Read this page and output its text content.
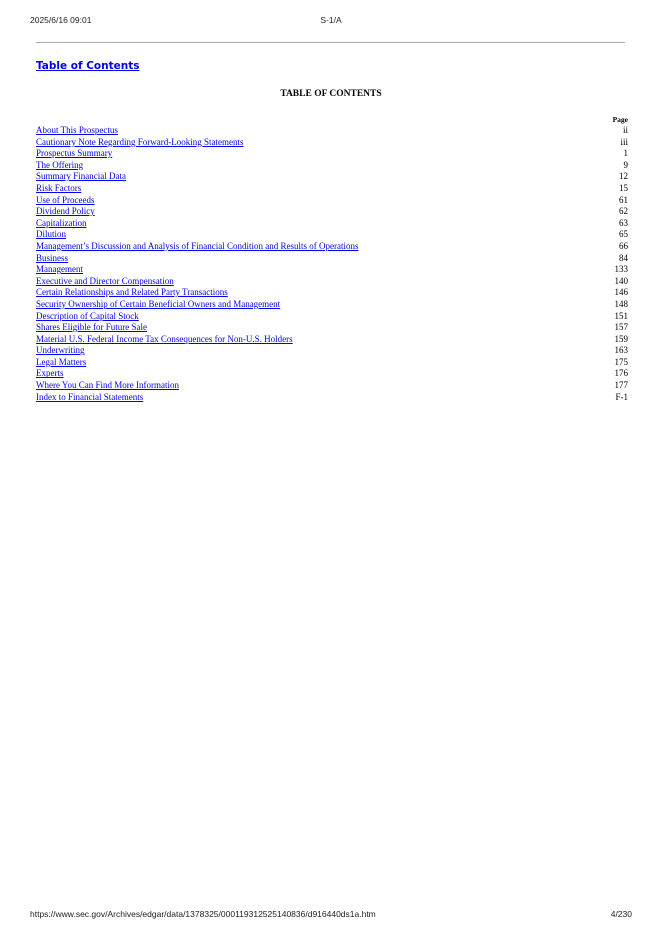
2025/6/16 09:01	S-1/A
Table of Contents
TABLE OF CONTENTS
Page
About This Prospectus	ii
Cautionary Note Regarding Forward-Looking Statements	iii
Prospectus Summary	1
The Offering	9
Summary Financial Data	12
Risk Factors	15
Use of Proceeds	61
Dividend Policy	62
Capitalization	63
Dilution	65
Management’s Discussion and Analysis of Financial Condition and Results of Operations	66
Business	84
Management	133
Executive and Director Compensation	140
Certain Relationships and Related Party Transactions	146
Security Ownership of Certain Beneficial Owners and Management	148
Description of Capital Stock	151
Shares Eligible for Future Sale	157
Material U.S. Federal Income Tax Consequences for Non-U.S. Holders	159
Underwriting	163
Legal Matters	175
Experts	176
Where You Can Find More Information	177
Index to Financial Statements	F-1
https://www.sec.gov/Archives/edgar/data/1378325/000119312525140836/d916440ds1a.htm	4/230
